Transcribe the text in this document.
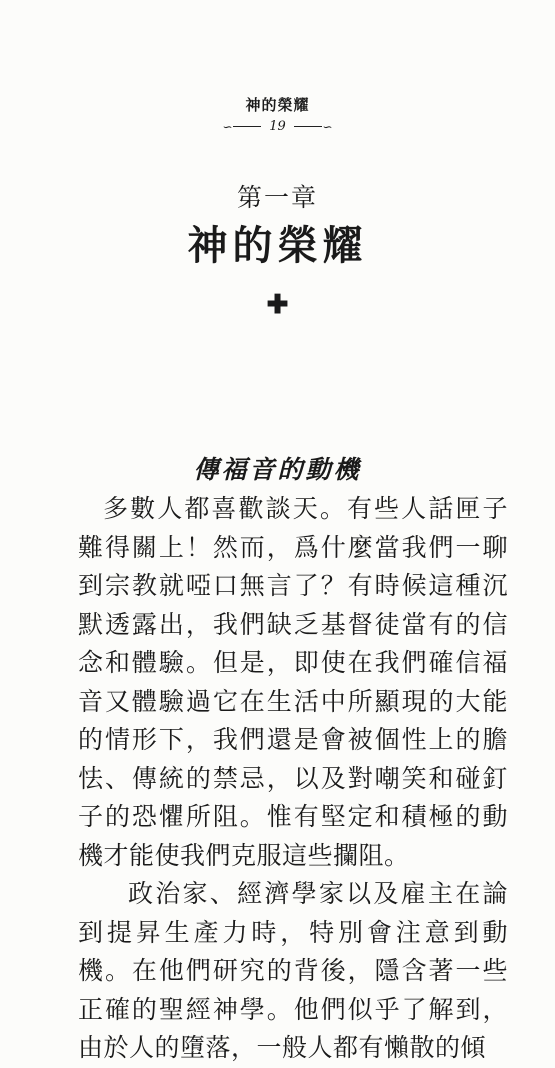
神的榮耀
∽	19	∽
第一章
神的榮耀
✚
傳福音的動機

多數人都喜歡談天。有些人話匣子難得關上！然而，爲什麼當我們一聊到宗教就啞口無言了？有時候這種沉默透露出，我們缺乏基督徒當有的信念和體驗。但是，即使在我們確信福音又體驗過它在生活中所顯現的大能的情形下，我們還是會被個性上的膽怯、傳統的禁忌，以及對嘲笑和碰釘子的恐懼所阻。惟有堅定和積極的動機才能使我們克服這些攔阻。

政治家、經濟學家以及雇主在論到提昇生產力時，特別會注意到動機。在他們研究的背後，隱含著一些正確的聖經神學。他們似乎了解到，由於人的墮落，一般人都有懶散的傾
